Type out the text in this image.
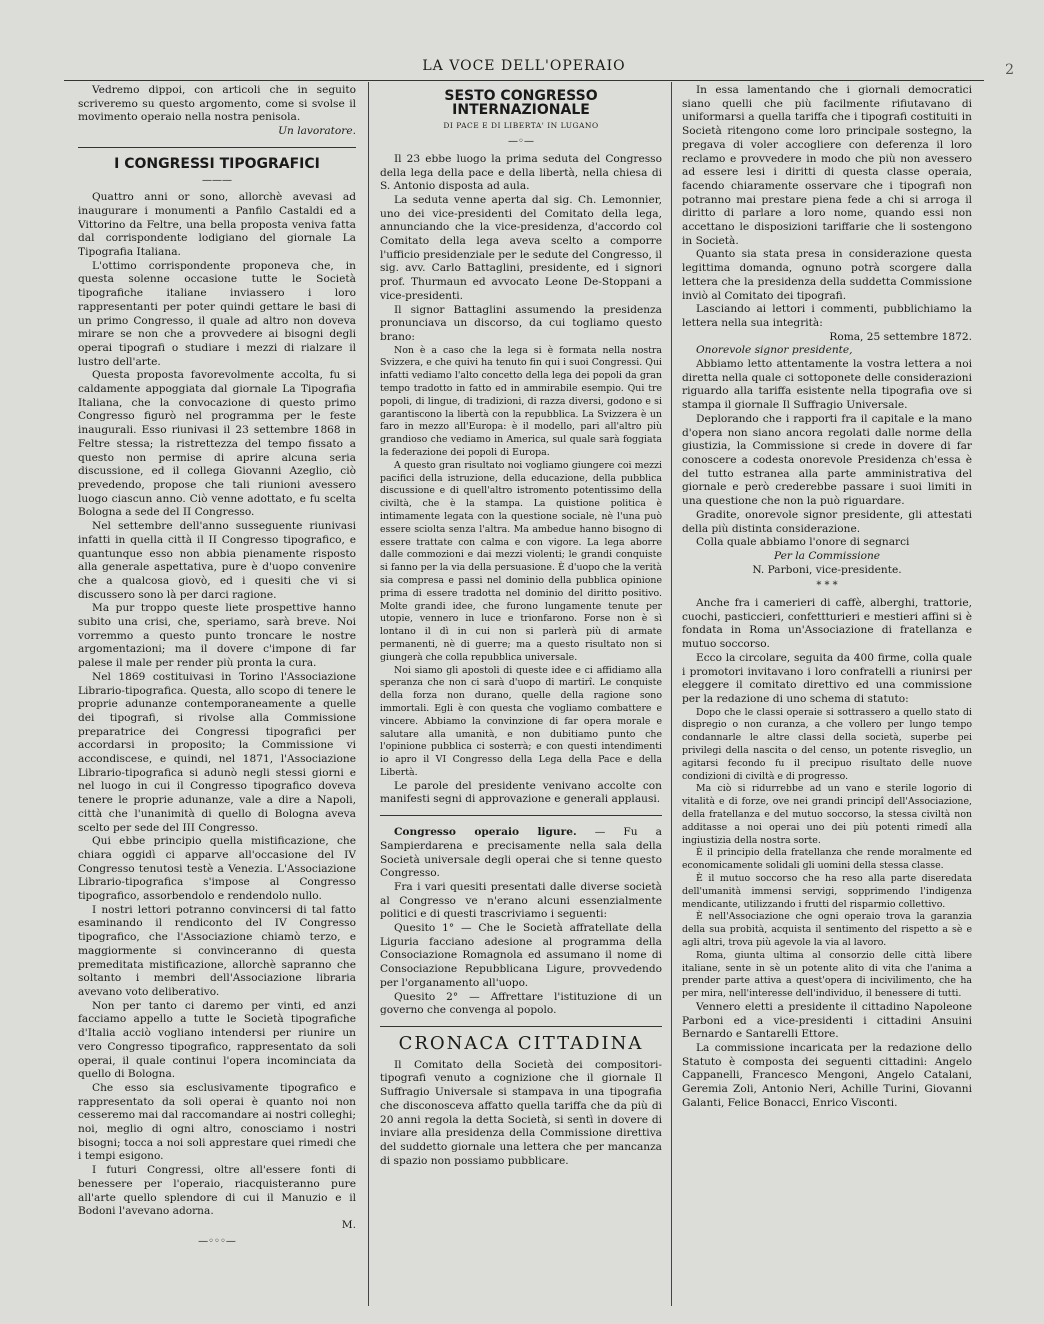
LA VOCE DELL'OPERAIO	2

Vedremo dippoi, con articoli che in seguito scriveremo su questo argomento, come si svolse il movimento operaio nella nostra penisola.

Un lavoratore.

I CONGRESSI TIPOGRAFICI
———

Quattro anni or sono, allorchè avevasi ad inaugurare i monumenti a Panfilo Castaldi ed a Vittorino da Feltre, una bella proposta veniva fatta dal corrispondente lodigiano del giornale La Tipografia Italiana.

L'ottimo corrispondente proponeva che, in questa solenne occasione tutte le Società tipografiche italiane inviassero i loro rappresentanti per poter quindi gettare le basi di un primo Congresso, il quale ad altro non doveva mirare se non che a provvedere ai bisogni degli operai tipografi o studiare i mezzi di rialzare il lustro dell'arte.

Questa proposta favorevolmente accolta, fu si caldamente appoggiata dal giornale La Tipografia Italiana, che la convocazione di questo primo Congresso figurò nel programma per le feste inaugurali. Esso riunivasi il 23 settembre 1868 in Feltre stessa; la ristrettezza del tempo fissato a questo non permise di aprire alcuna seria discussione, ed il collega Giovanni Azeglio, ciò prevedendo, propose che tali riunioni avessero luogo ciascun anno. Ciò venne adottato, e fu scelta Bologna a sede del II Congresso.

Nel settembre dell'anno susseguente riunivasi infatti in quella città il II Congresso tipografico, e quantunque esso non abbia pienamente risposto alla generale aspettativa, pure è d'uopo convenire che a qualcosa giovò, ed i quesiti che vi si discussero sono là per darci ragione.

Ma pur troppo queste liete prospettive hanno subito una crisi, che, speriamo, sarà breve. Noi vorremmo a questo punto troncare le nostre argomentazioni; ma il dovere c'impone di far palese il male per render più pronta la cura.

Nel 1869 costituivasi in Torino l'Associazione Librario-tipografica. Questa, allo scopo di tenere le proprie adunanze contemporaneamente a quelle dei tipografi, si rivolse alla Commissione preparatrice dei Congressi tipografici per accordarsi in proposito; la Commissione vi accondiscese, e quindi, nel 1871, l'Associazione Librario-tipografica si adunò negli stessi giorni e nel luogo in cui il Congresso tipografico doveva tenere le proprie adunanze, vale a dire a Napoli, città che l'unanimità di quello di Bologna aveva scelto per sede del III Congresso.

Qui ebbe principio quella mistificazione, che chiara oggidì ci apparve all'occasione del IV Congresso tenutosi testè a Venezia. L'Associazione Librario-tipografica s'impose al Congresso tipografico, assorbendolo e rendendolo nullo.

I nostri lettori potranno convincersi di tal fatto esaminando il rendiconto del IV Congresso tipografico, che l'Associazione chiamò terzo, e maggiormente si convinceranno di questa premeditata mistificazione, allorchè sapranno che soltanto i membri dell'Associazione libraria avevano voto deliberativo.

Non per tanto ci daremo per vinti, ed anzi facciamo appello a tutte le Società tipografiche d'Italia acciò vogliano intendersi per riunire un vero Congresso tipografico, rappresentato da soli operai, il quale continui l'opera incominciata da quello di Bologna.

Che esso sia esclusivamente tipografico e rappresentato da soli operai è quanto noi non cesseremo mai dal raccomandare ai nostri colleghi; noi, meglio di ogni altro, conosciamo i nostri bisogni; tocca a noi soli apprestare quei rimedi che i tempi esigono.

I futuri Congressi, oltre all'essere fonti di benessere per l'operaio, riacquisteranno pure all'arte quello splendore di cui il Manuzio e il Bodoni l'avevano adorna.

M.

—◦◦◦—
SESTO CONGRESSO INTERNAZIONALE
DI PACE E DI LIBERTA' IN LUGANO
—◦—

Il 23 ebbe luogo la prima seduta del Congresso della lega della pace e della libertà, nella chiesa di S. Antonio disposta ad aula.

La seduta venne aperta dal sig. Ch. Lemonnier, uno dei vice-presidenti del Comitato della lega, annunciando che la vice-presidenza, d'accordo col Comitato della lega aveva scelto a comporre l'ufficio presidenziale per le sedute del Congresso, il sig. avv. Carlo Battaglini, presidente, ed i signori prof. Thurmaun ed avvocato Leone De-Stoppani a vice-presidenti.

Il signor Battaglini assumendo la presidenza pronunciava un discorso, da cui togliamo questo brano:

Non è a caso che la lega si è formata nella nostra Svizzera, e che quivi ha tenuto fin qui i suoi Congressi. Qui infatti vediamo l'alto concetto della lega dei popoli da gran tempo tradotto in fatto ed in ammirabile esempio. Qui tre popoli, di lingue, di tradizioni, di razza diversi, godono e si garantiscono la libertà con la repubblica. La Svizzera è un faro in mezzo all'Europa: è il modello, pari all'altro più grandioso che vediamo in America, sul quale sarà foggiata la federazione dei popoli di Europa.

A questo gran risultato noi vogliamo giungere coi mezzi pacifici della istruzione, della educazione, della pubblica discussione e di quell'altro istromento potentissimo della civiltà, che è la stampa. La quistione politica è intimamente legata con la questione sociale, nè l'una può essere sciolta senza l'altra. Ma ambedue hanno bisogno di essere trattate con calma e con vigore. La lega aborre dalle commozioni e dai mezzi violenti; le grandi conquiste si fanno per la via della persuasione. È d'uopo che la verità sia compresa e passi nel dominio della pubblica opinione prima di essere tradotta nel dominio del diritto positivo. Molte grandi idee, che furono lungamente tenute per utopie, vennero in luce e trionfarono. Forse non è sì lontano il dì in cui non si parlerà più di armate permanenti, nè di guerre; ma a questo risultato non si giungerà che colla repubblica universale.

Noi siamo gli apostoli di queste idee e ci affidiamo alla speranza che non ci sarà d'uopo di martirî. Le conquiste della forza non durano, quelle della ragione sono immortali. Egli è con questa che vogliamo combattere e vincere. Abbiamo la convinzione di far opera morale e salutare alla umanità, e non dubitiamo punto che l'opinione pubblica ci sosterrà; e con questi intendimenti io apro il VI Congresso della Lega della Pace e della Libertà.

Le parole del presidente venivano accolte con manifesti segni di approvazione e generali applausi.

Congresso operaio ligure. — Fu a Sampierdarena e precisamente nella sala della Società universale degli operai che si tenne questo Congresso.

Fra i vari quesiti presentati dalle diverse società al Congresso ve n'erano alcuni essenzialmente politici e di questi trascriviamo i seguenti:

Quesito 1° — Che le Società affratellate della Liguria facciano adesione al programma della Consociazione Romagnola ed assumano il nome di Consociazione Repubblicana Ligure, provvedendo per l'organamento all'uopo.

Quesito 2° — Affrettare l'istituzione di un governo che convenga al popolo.

CRONACA CITTADINA

Il Comitato della Società dei compositori-tipografi venuto a cognizione che il giornale Il Suffragio Universale si stampava in una tipografia che disconosceva affatto quella tariffa che da più di 20 anni regola la detta Società, si sentì in dovere di inviare alla presidenza della Commissione direttiva del suddetto giornale una lettera che per mancanza di spazio non possiamo pubblicare.

In essa lamentando che i giornali democratici siano quelli che più facilmente rifiutavano di uniformarsi a quella tariffa che i tipografi costituiti in Società ritengono come loro principale sostegno, la pregava di voler accogliere con deferenza il loro reclamo e provvedere in modo che più non avessero ad essere lesi i diritti di questa classe operaia, facendo chiaramente osservare che i tipografi non potranno mai prestare piena fede a chi si arroga il diritto di parlare a loro nome, quando essi non accettano le disposizioni tariffarie che li sostengono in Società.

Quanto sia stata presa in considerazione questa legittima domanda, ognuno potrà scorgere dalla lettera che la presidenza della suddetta Commissione inviò al Comitato dei tipografi.

Lasciando ai lettori i commenti, pubblichiamo la lettera nella sua integrità:

Roma, 25 settembre 1872.

Onorevole signor presidente,

Abbiamo letto attentamente la vostra lettera a noi diretta nella quale ci sottoponete delle considerazioni riguardo alla tariffa esistente nella tipografia ove si stampa il giornale Il Suffragio Universale.

Deplorando che i rapporti fra il capitale e la mano d'opera non siano ancora regolati dalle norme della giustizia, la Commissione si crede in dovere di far conoscere a codesta onorevole Presidenza ch'essa è del tutto estranea alla parte amministrativa del giornale e però crederebbe passare i suoi limiti in una questione che non la può riguardare.

Gradite, onorevole signor presidente, gli attestati della più distinta considerazione.

Colla quale abbiamo l'onore di segnarci

Per la Commissione

N. Parboni, vice-presidente.

* * *

Anche fra i camerieri di caffè, alberghi, trattorie, cuochi, pasticcieri, confettturieri e mestieri affini si è fondata in Roma un'Associazione di fratellanza e mutuo soccorso.

Ecco la circolare, seguita da 400 firme, colla quale i promotori invitavano i loro confratelli a riunirsi per eleggere il comitato direttivo ed una commissione per la redazione di uno schema di statuto:

Dopo che le classi operaie si sottrassero a quello stato di dispregio o non curanza, a che vollero per lungo tempo condannarle le altre classi della società, superbe pei privilegi della nascita o del censo, un potente risveglio, un agitarsi fecondo fu il precipuo risultato delle nuove condizioni di civiltà e di progresso.

Ma ciò si ridurrebbe ad un vano e sterile logorio di vitalità e di forze, ove nei grandi principî dell'Associazione, della fratellanza e del mutuo soccorso, la stessa civiltà non additasse a noi operai uno dei più potenti rimedî alla ingiustizia della nostra sorte.

È il principio della fratellanza che rende moralmente ed economicamente solidali gli uomini della stessa classe.

È il mutuo soccorso che ha reso alla parte diseredata dell'umanità immensi servigi, sopprimendo l'indigenza mendicante, utilizzando i frutti del risparmio collettivo.

È nell'Associazione che ogni operaio trova la garanzia della sua probità, acquista il sentimento del rispetto a sè e agli altri, trova più agevole la via al lavoro.

Roma, giunta ultima al consorzio delle città libere italiane, sente in sè un potente alito di vita che l'anima a prender parte attiva a quest'opera di incivilimento, che ha per mira, nell'interesse dell'individuo, il benessere di tutti.

Vennero eletti a presidente il cittadino Napoleone Parboni ed a vice-presidenti i cittadini Ansuini Bernardo e Santarelli Ettore.

La commissione incaricata per la redazione dello Statuto è composta dei seguenti cittadini: Angelo Cappanelli, Francesco Mengoni, Angelo Catalani, Geremia Zoli, Antonio Neri, Achille Turini, Giovanni Galanti, Felice Bonacci, Enrico Visconti.
